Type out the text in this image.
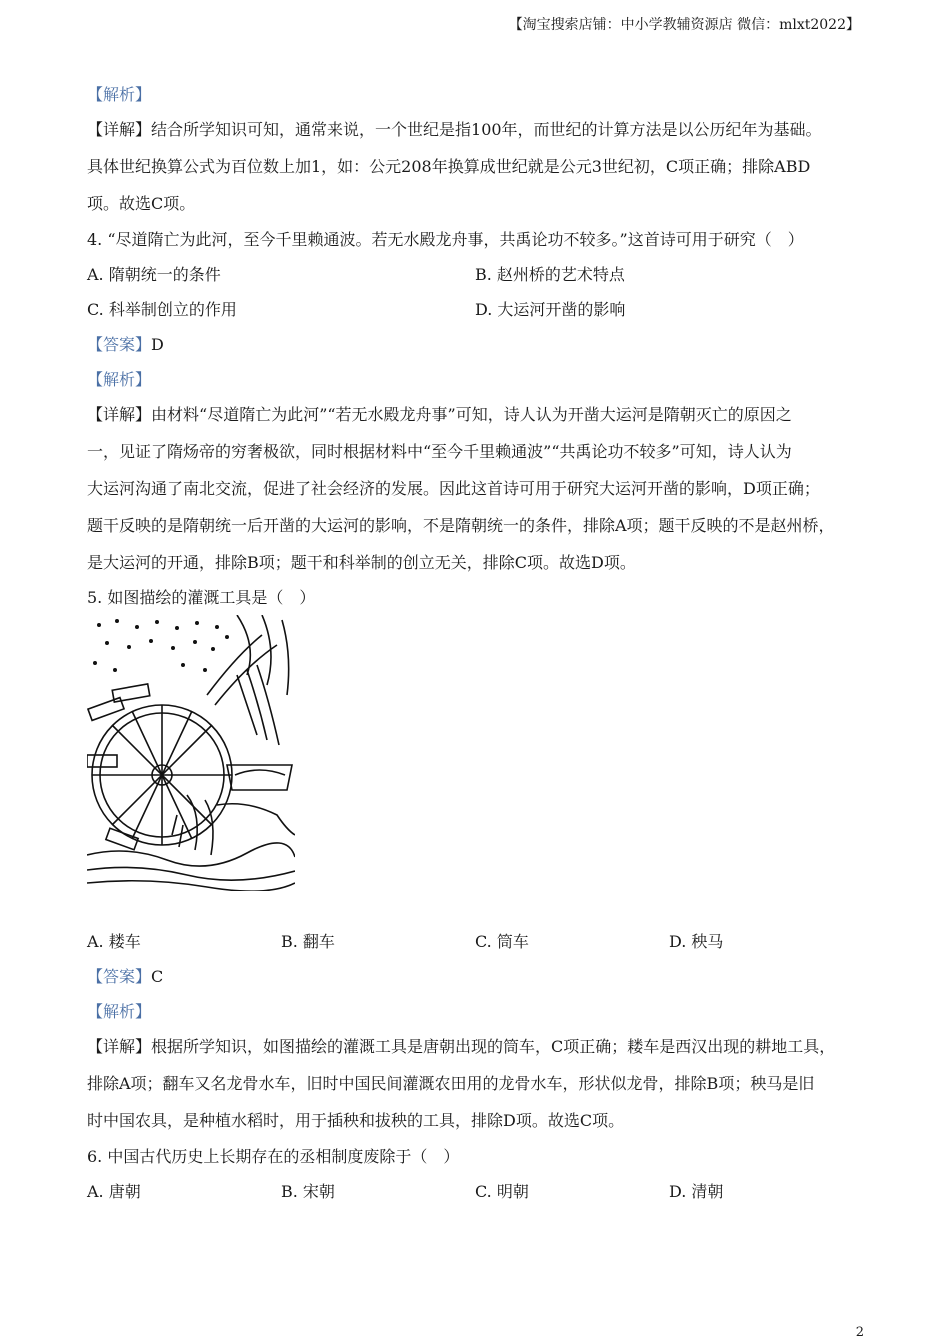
【淘宝搜索店铺：中小学教辅资源店 微信：mlxt2022】
【解析】
【详解】结合所学知识可知，通常来说，一个世纪是指100年，而世纪的计算方法是以公历纪年为基础。
具体世纪换算公式为百位数上加1，如：公元208年换算成世纪就是公元3世纪初，C项正确；排除ABD
项。故选C项。
4. “尽道隋亡为此河，至今千里赖通波。若无水殿龙舟事，共禹论功不较多。”这首诗可用于研究（　）
A. 隋朝统一的条件	B. 赵州桥的艺术特点
C. 科举制创立的作用	D. 大运河开凿的影响
【答案】D
【解析】
【详解】由材料“尽道隋亡为此河”“若无水殿龙舟事”可知，诗人认为开凿大运河是隋朝灭亡的原因之
一，见证了隋炀帝的穷奢极欲，同时根据材料中“至今千里赖通波”“共禹论功不较多”可知，诗人认为
大运河沟通了南北交流，促进了社会经济的发展。因此这首诗可用于研究大运河开凿的影响，D项正确；
题干反映的是隋朝统一后开凿的大运河的影响，不是隋朝统一的条件，排除A项；题干反映的不是赵州桥，
是大运河的开通，排除B项；题干和科举制的创立无关，排除C项。故选D项。
5. 如图描绘的灌溉工具是（　）
A. 耧车	B. 翻车	C. 筒车	D. 秧马
【答案】C
【解析】
【详解】根据所学知识，如图描绘的灌溉工具是唐朝出现的筒车，C项正确；耧车是西汉出现的耕地工具，
排除A项；翻车又名龙骨水车，旧时中国民间灌溉农田用的龙骨水车，形状似龙骨，排除B项；秧马是旧
时中国农具，是种植水稻时，用于插秧和拔秧的工具，排除D项。故选C项。
6. 中国古代历史上长期存在的丞相制度废除于（　）
A. 唐朝	B. 宋朝	C. 明朝	D. 清朝
2
